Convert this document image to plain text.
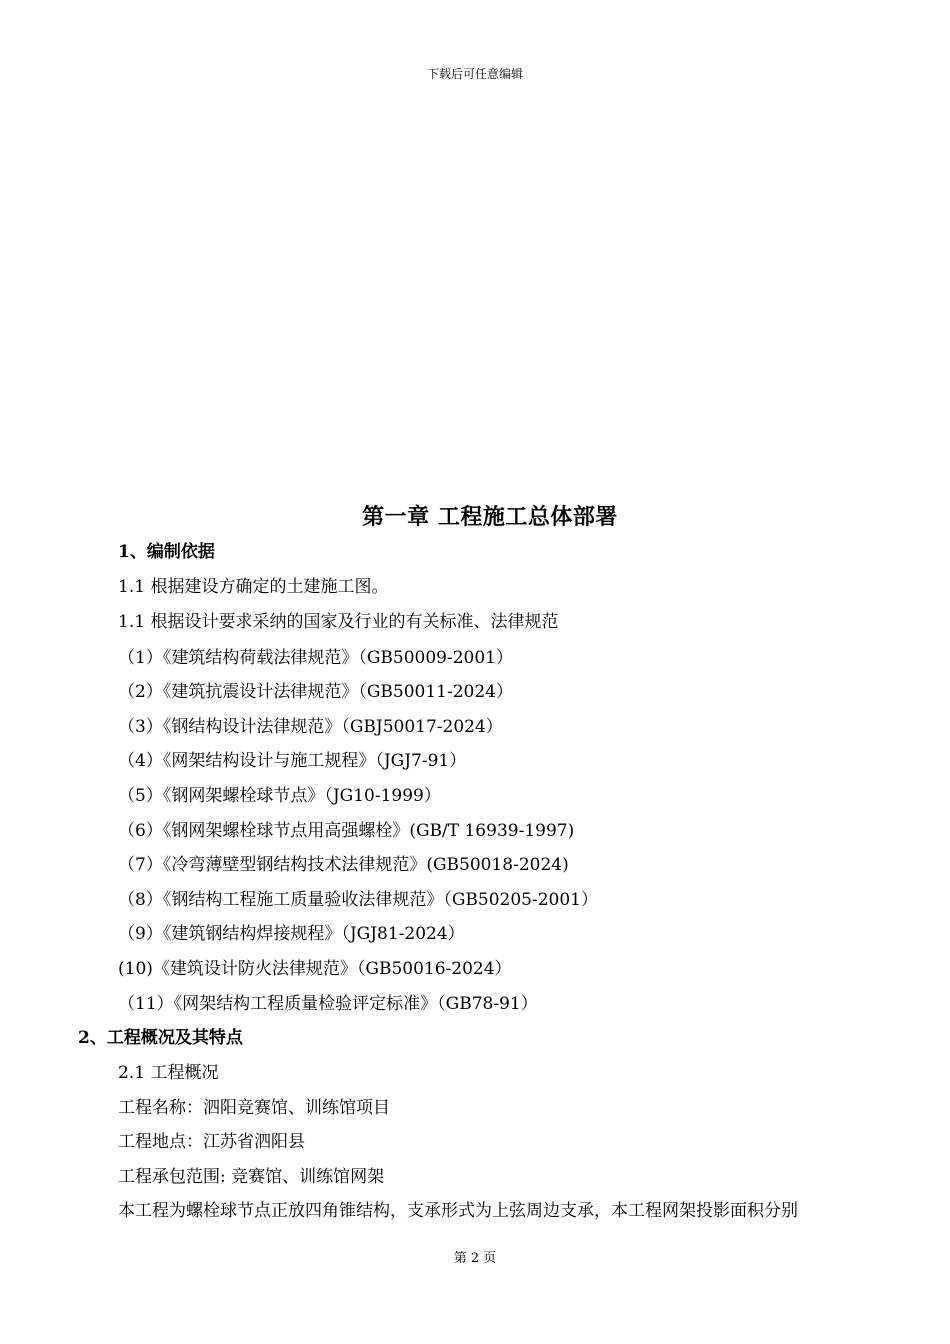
下载后可任意编辑
第一章 工程施工总体部署
1、编制依据
1.1 根据建设方确定的土建施工图。
1.1 根据设计要求采纳的国家及行业的有关标准、法律规范
（1）《建筑结构荷载法律规范》（GB50009-2001）
（2）《建筑抗震设计法律规范》（GB50011-2024）
（3）《钢结构设计法律规范》（GBJ50017-2024）
（4）《网架结构设计与施工规程》（JGJ7-91）
（5）《钢网架螺栓球节点》（JG10-1999）
（6）《钢网架螺栓球节点用高强螺栓》(GB/T 16939-1997)
（7）《冷弯薄壁型钢结构技术法律规范》(GB50018-2024)
（8）《钢结构工程施工质量验收法律规范》（GB50205-2001）
（9）《建筑钢结构焊接规程》（JGJ81-2024）
(10)《建筑设计防火法律规范》（GB50016-2024）
（11）《网架结构工程质量检验评定标准》（GB78-91）
2、工程概况及其特点
2.1 工程概况
工程名称：泗阳竞赛馆、训练馆项目
工程地点：江苏省泗阳县
工程承包范围: 竞赛馆、训练馆网架
本工程为螺栓球节点正放四角锥结构，支承形式为上弦周边支承，本工程网架投影面积分别
第 2 页
